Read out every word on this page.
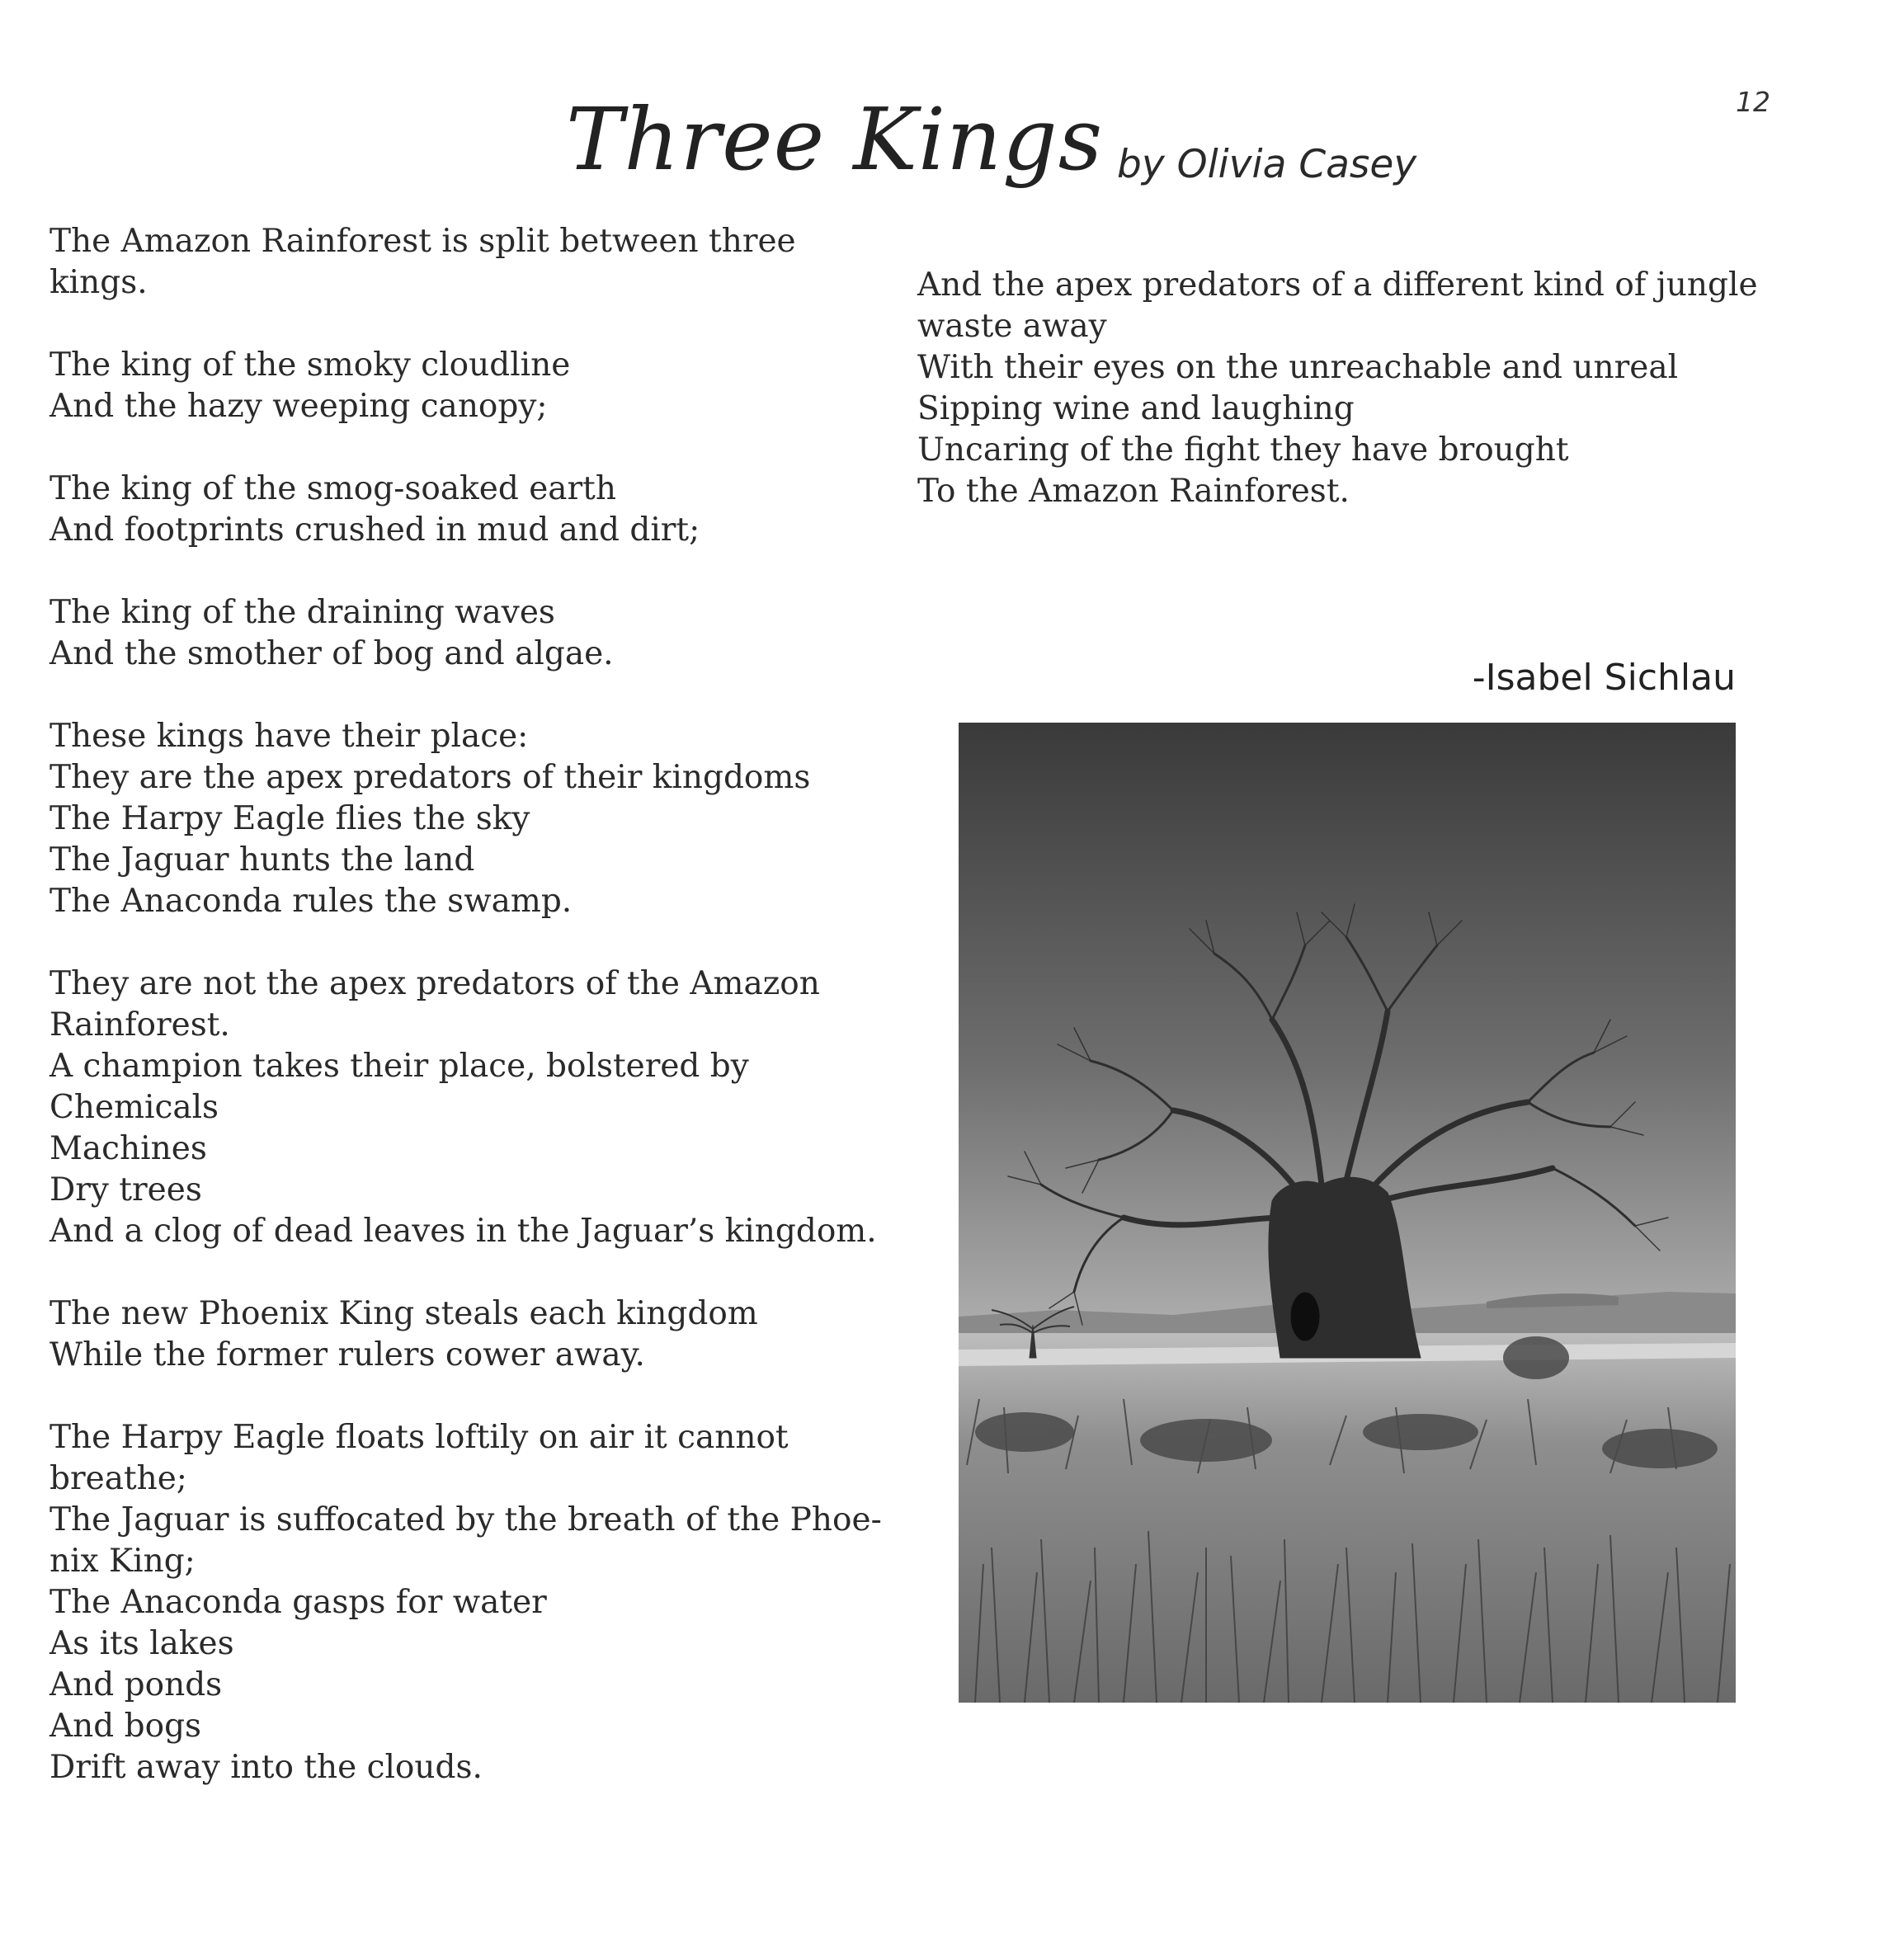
12
Three Kings by Olivia Casey
The Amazon Rainforest is split between three
kings.
The king of the smoky cloudline
And the hazy weeping canopy;
The king of the smog-soaked earth
And footprints crushed in mud and dirt;
The king of the draining waves
And the smother of bog and algae.
These kings have their place:
They are the apex predators of their kingdoms
The Harpy Eagle flies the sky
The Jaguar hunts the land
The Anaconda rules the swamp.
They are not the apex predators of the Amazon
Rainforest.
A champion takes their place, bolstered by
Chemicals
Machines
Dry trees
And a clog of dead leaves in the Jaguar’s kingdom.
The new Phoenix King steals each kingdom
While the former rulers cower away.
The Harpy Eagle floats loftily on air it cannot
breathe;
The Jaguar is suffocated by the breath of the Phoe-
nix King;
The Anaconda gasps for water
As its lakes
And ponds
And bogs
Drift away into the clouds.
And the apex predators of a different kind of jungle
waste away
With their eyes on the unreachable and unreal
Sipping wine and laughing
Uncaring of the fight they have brought
To the Amazon Rainforest.
-Isabel Sichlau
